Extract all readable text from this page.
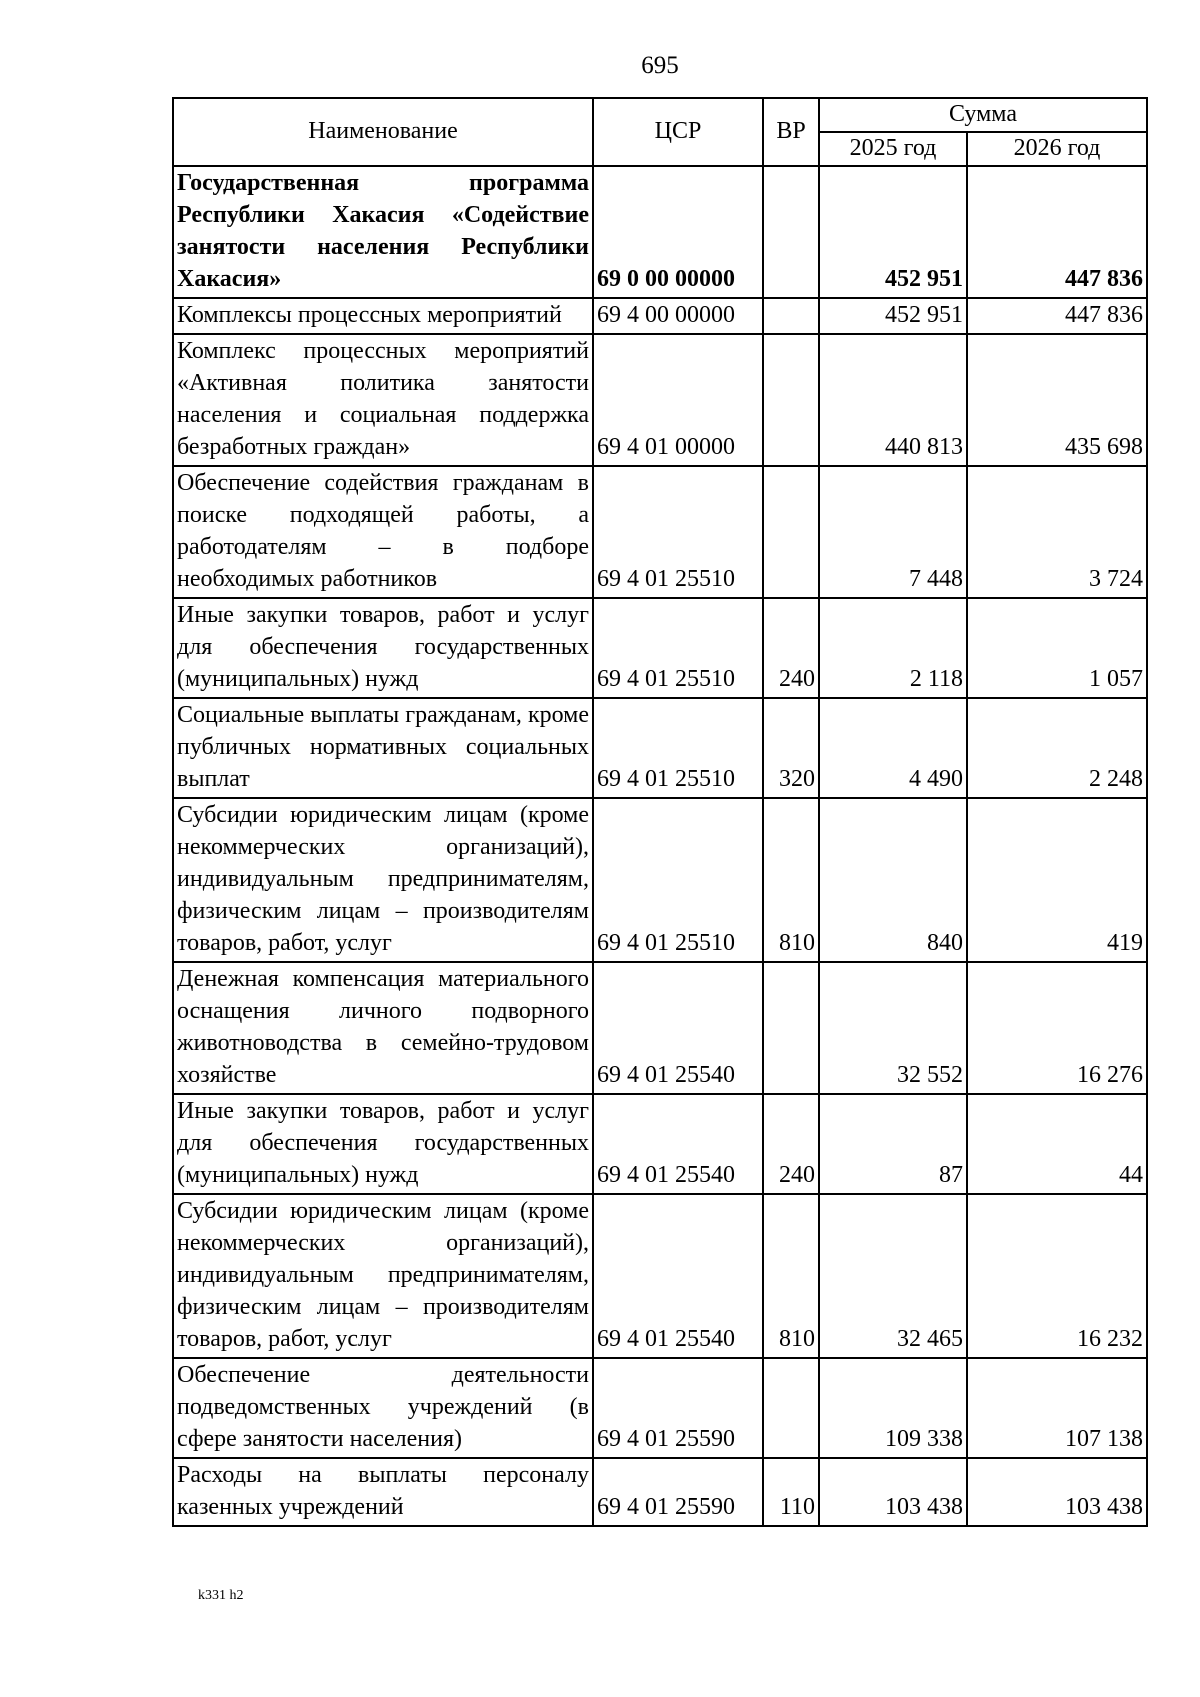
695
Наименование	ЦСР	ВР	Сумма	
			2025 год	2026 год
Государственная программа Республики Хакасия «Содействие занятости населения Республики Хакасия»	69 0 00 00000		452 951	447 836
Комплексы процессных мероприятий	69 4 00 00000		452 951	447 836
Комплекс процессных мероприятий «Активная политика занятости населения и социальная поддержка безработных граждан»	69 4 01 00000		440 813	435 698
Обеспечение содействия гражданам в поиске подходящей работы, а работодателям – в подборе необходимых работников	69 4 01 25510		7 448	3 724
Иные закупки товаров, работ и услуг для обеспечения государственных (муниципальных) нужд	69 4 01 25510	240	2 118	1 057
Социальные выплаты гражданам, кроме публичных нормативных социальных выплат	69 4 01 25510	320	4 490	2 248
Субсидии юридическим лицам (кроме некоммерческих организаций), индивидуальным предпринимателям, физическим лицам – производителям товаров, работ, услуг	69 4 01 25510	810	840	419
Денежная компенсация материального оснащения личного подворного животноводства в семейно-трудовом хозяйстве	69 4 01 25540		32 552	16 276
Иные закупки товаров, работ и услуг для обеспечения государственных (муниципальных) нужд	69 4 01 25540	240	87	44
Субсидии юридическим лицам (кроме некоммерческих организаций), индивидуальным предпринимателям, физическим лицам – производителям товаров, работ, услуг	69 4 01 25540	810	32 465	16 232
Обеспечение деятельности подведомственных учреждений (в сфере занятости населения)	69 4 01 25590		109 338	107 138
Расходы на выплаты персоналу казенных учреждений	69 4 01 25590	110	103 438	103 438
k331 h2
